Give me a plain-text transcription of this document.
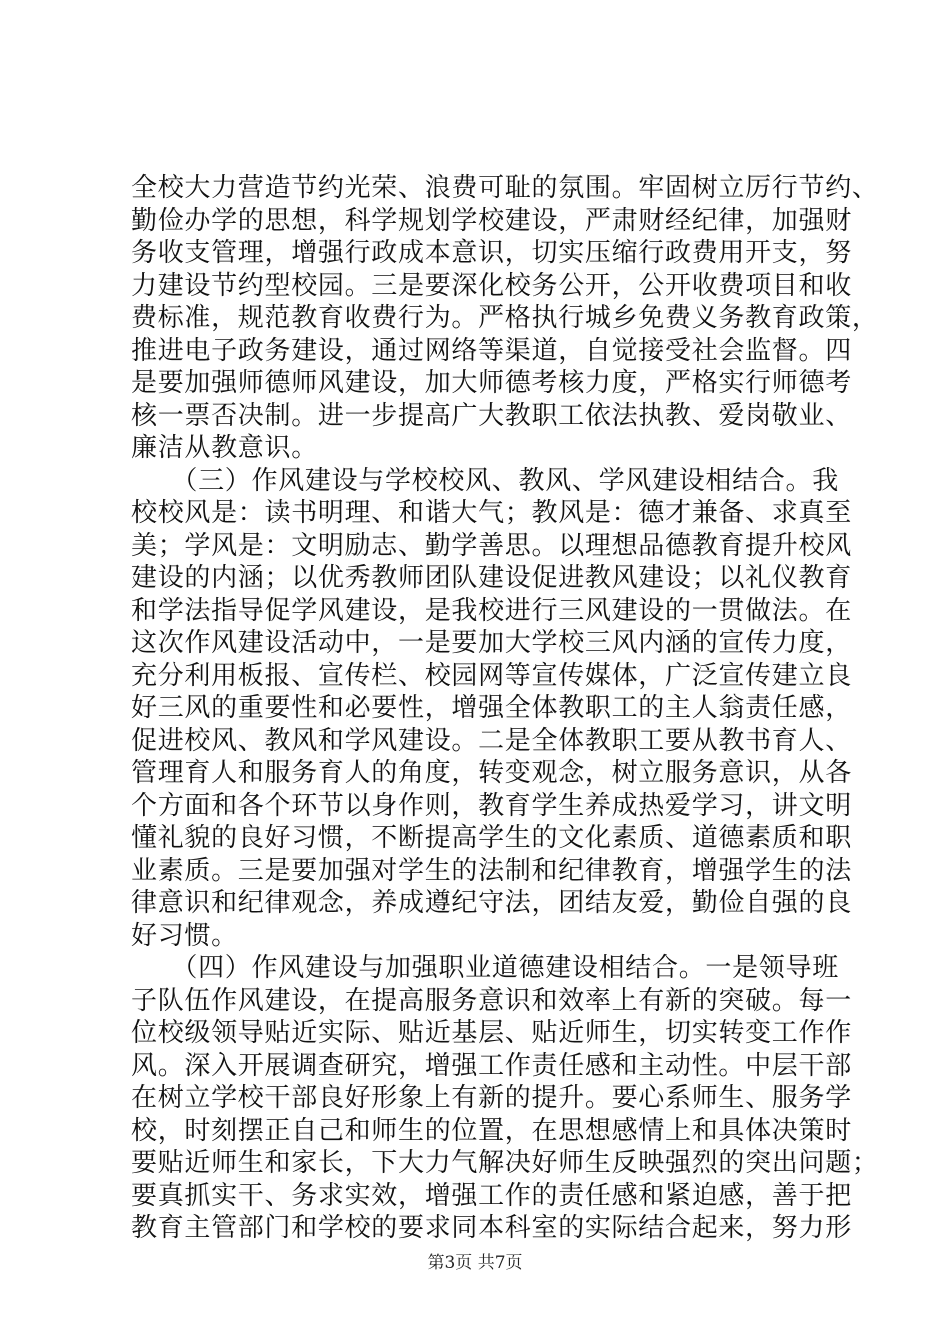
全校大力营造节约光荣、浪费可耻的氛围。牢固树立厉行节约、
勤俭办学的思想，科学规划学校建设，严肃财经纪律，加强财
务收支管理，增强行政成本意识，切实压缩行政费用开支，努
力建设节约型校园。三是要深化校务公开，公开收费项目和收
费标准，规范教育收费行为。严格执行城乡免费义务教育政策，
推进电子政务建设，通过网络等渠道，自觉接受社会监督。四
是要加强师德师风建设，加大师德考核力度，严格实行师德考
核一票否决制。进一步提高广大教职工依法执教、爱岗敬业、
廉洁从教意识。
　　（三）作风建设与学校校风、教风、学风建设相结合。我
校校风是：读书明理、和谐大气；教风是：德才兼备、求真至
美；学风是：文明励志、勤学善思。以理想品德教育提升校风
建设的内涵；以优秀教师团队建设促进教风建设；以礼仪教育
和学法指导促学风建设，是我校进行三风建设的一贯做法。在
这次作风建设活动中，一是要加大学校三风内涵的宣传力度，
充分利用板报、宣传栏、校园网等宣传媒体，广泛宣传建立良
好三风的重要性和必要性，增强全体教职工的主人翁责任感，
促进校风、教风和学风建设。二是全体教职工要从教书育人、
管理育人和服务育人的角度，转变观念，树立服务意识，从各
个方面和各个环节以身作则，教育学生养成热爱学习，讲文明
懂礼貌的良好习惯，不断提高学生的文化素质、道德素质和职
业素质。三是要加强对学生的法制和纪律教育，增强学生的法
律意识和纪律观念，养成遵纪守法，团结友爱，勤俭自强的良
好习惯。
　　（四）作风建设与加强职业道德建设相结合。一是领导班
子队伍作风建设，在提高服务意识和效率上有新的突破。每一
位校级领导贴近实际、贴近基层、贴近师生，切实转变工作作
风。深入开展调查研究，增强工作责任感和主动性。中层干部
在树立学校干部良好形象上有新的提升。要心系师生、服务学
校，时刻摆正自己和师生的位置，在思想感情上和具体决策时
要贴近师生和家长，下大力气解决好师生反映强烈的突出问题；
要真抓实干、务求实效，增强工作的责任感和紧迫感，善于把
教育主管部门和学校的要求同本科室的实际结合起来，努力形
第3页 共7页
